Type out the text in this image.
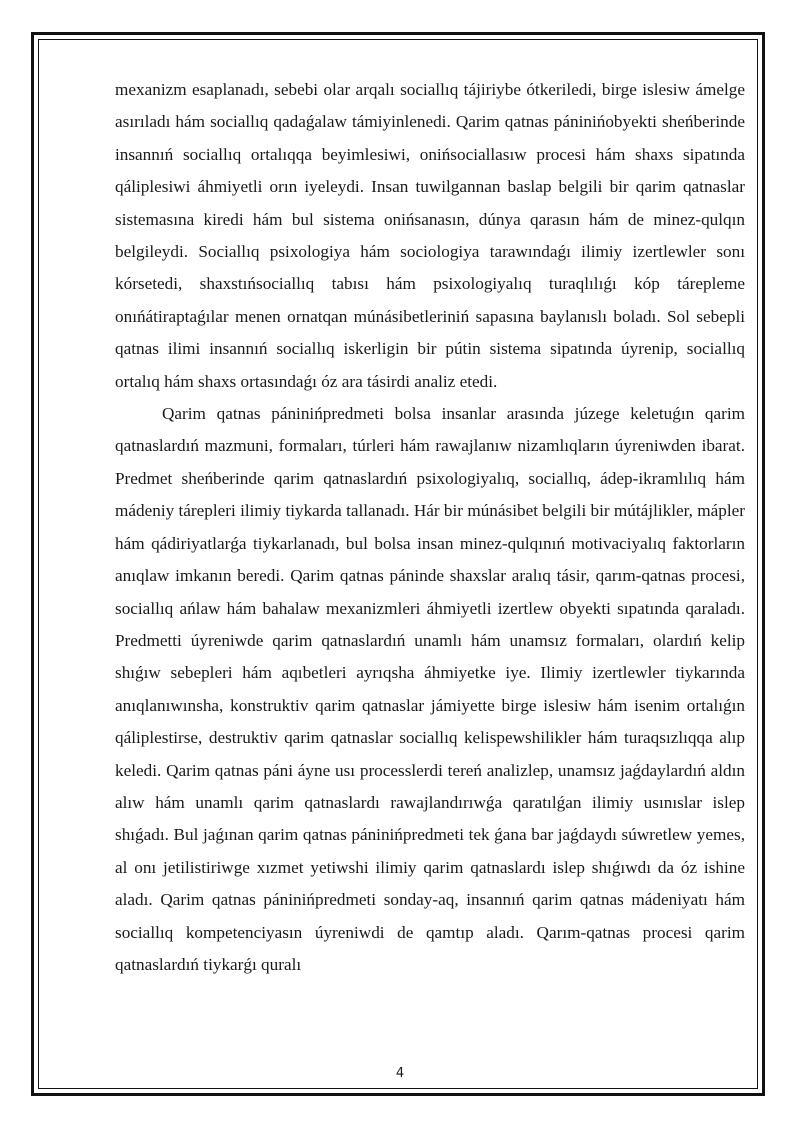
mexanizm esaplanadı, sebebi olar arqalı sociallıq tájiriybe ótkeriledi, birge islesiw ámelge asırıladı hám sociallıq qadaǵalaw támiyinlenedi. Qarim qatnas páninińobyekti sheńberinde insannıń sociallıq ortalıqqa beyimlesiwi, onińsociallasıw procesi hám shaxs sipatında qáliplesiwi áhmiyetli orın iyeleydi. Insan tuwilgannan baslap belgili bir qarim qatnaslar sistemasına kiredi hám bul sistema onińsanasın, dúnya qarasın hám de minez-qulqın belgileydi. Sociallıq psixologiya hám sociologiya tarawındaǵı ilimiy izertlewler sonı kórsetedi, shaxstıńsociallıq tabısı hám psixologiyalıq turaqlılıǵı kóp tárepleme onıńátiraptaǵılar menen ornatqan múnásibetleriniń sapasına baylanıslı boladı. Sol sebepli qatnas ilimi insannıń sociallıq iskerligin bir pútin sistema sipatında úyrenip, sociallıq ortalıq hám shaxs ortasındaǵı óz ara tásirdi analiz etedi.

Qarim qatnas páninińpredmeti bolsa insanlar arasında júzege keletuǵın qarim qatnaslardıń mazmuni, formaları, túrleri hám rawajlanıw nizamlıqların úyreniwden ibarat. Predmet sheńberinde qarim qatnaslardıń psixologiyalıq, sociallıq, ádep-ikramlılıq hám mádeniy tárepleri ilimiy tiykarda tallanadı. Hár bir múnásibet belgili bir mútájlikler, mápler hám qádiriyatlarǵa tiykarlanadı, bul bolsa insan minez-qulqınıń motivaciyalıq faktorların anıqlaw imkanın beredi. Qarim qatnas páninde shaxslar aralıq tásir, qarım-qatnas procesi, sociallıq ańlaw hám bahalaw mexanizmleri áhmiyetli izertlew obyekti sıpatında qaraladı. Predmetti úyreniwde qarim qatnaslardıń unamlı hám unamsız formaları, olardıń kelip shıǵıw sebepleri hám aqıbetleri ayrıqsha áhmiyetke iye. Ilimiy izertlewler tiykarında anıqlanıwınsha, konstruktiv qarim qatnaslar jámiyette birge islesiw hám isenim ortalıǵın qáliplestirse, destruktiv qarim qatnaslar sociallıq kelispewshilikler hám turaqsızlıqqa alıp keledi. Qarim qatnas páni áyne usı processlerdi tereń analizlep, unamsız jaǵdaylardıń aldın alıw hám unamlı qarim qatnaslardı rawajlandırıwǵa qaratılǵan ilimiy usınıslar islep shıǵadı. Bul jaǵınan qarim qatnas páninińpredmeti tek ǵana bar jaǵdaydı súwretlew yemes, al onı jetilistiriwge xızmet yetiwshi ilimiy qarim qatnaslardı islep shıǵıwdı da óz ishine aladı. Qarim qatnas páninińpredmeti sonday-aq, insannıń qarim qatnas mádeniyatı hám sociallıq kompetenciyasın úyreniwdi de qamtıp aladı. Qarım-qatnas procesi qarim qatnaslardıń tiykarǵı quralı

4
